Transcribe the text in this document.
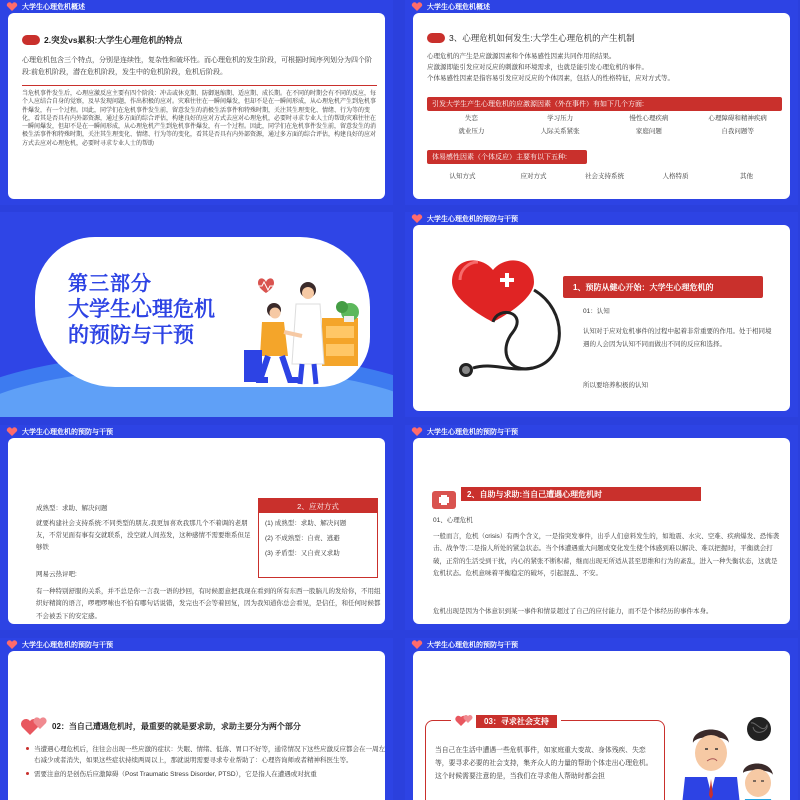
大学生心理危机概述
2.突发vs累积:大学生心理危机的特点
心理危机包含三个特点，分别是连续性，复杂性和破坏性。而心理危机的发生阶段，可根据时间序列划分为四个阶段:前危机阶段，潜在危机阶段，发生中的危机阶段，危机后阶段。
当危机事件发生后，心理应激反应主要有四个阶段：冲击或休克期、防御退缩期、适应期、成长期。在不同的时期会有不同的反应，每个人应结合自身的觉察，及早发现问题，作出积极的应对。灾难往往在一瞬间爆发，但却不是在一瞬间形成，从心理危机产生到危机事件爆发，有一个过程。因此，同学们在危机事件发生前，留意发生的消极生活事件和特殊时期，关注其生理变化、情绪、行为等的变化，看其是否具有内外部资源，通过多方面的综合评估，构建良好的应对方式去应对心理危机，必要时寻求专业人士的帮助灾难往往在一瞬间爆发，但却不是在一瞬间形成，从心理危机产生到危机事件爆发，有一个过程。因此，同学们在危机事件发生前，留意发生的消极生活事件和特殊时期，关注其生理变化、情绪、行为等的变化，看其是否具有内外部资源，通过多方面的综合评估，构建良好的应对方式去应对心理危机，必要时寻求专业人士的帮助
大学生心理危机概述
3、心理危机如何发生:大学生心理危机的产生机制
心理危机的产生是应激源因素和个体易感性因素共同作用的结果。
应激源即能引发应对反应的刺激和环境需求，也就是能引发心理危机的事件。
个体易感性因素是指容易引发应对反应的个体因素，包括人的性格特征，应对方式等。
引发大学生产生心理危机的应激源因素（外在事件）有如下几个方面:
失恋	学习压力	慢性心理疾病	心理障碍和精神疾病
就业压力	人际关系紧张	家庭问题	自我问题等
体易感性因素（个体反应）主要有以下五种:
认知方式	应对方式	社会支持系统	人格特质	其他
第三部分
大学生心理危机
的预防与干预
大学生心理危机的预防与干预
1、预防从健心开始：大学生心理危机的
01：认知
认知对于应对危机事件的过程中起着非常重要的作用。处于相同境遇的人会因为认知不同而做出不同的反应和选择。
所以要培养积极的认知
大学生心理危机的预防与干预
成熟型：求助、解决问题
就要构建社会支持系统:不同类型的朋友,我更加喜欢我那几个不着调的老朋友，不常见面有事有交就联系，没空就人间蒸发，这种感情不需要维系但足够铁
网易云热评吧:
有一种特别舒服的关系，并不总是你一言我一语的抄回，有时候愿意把我现在看到的所有东西一股脑儿的发给你，不用组织好精简的语言，啰哩啰嗦也不怕有哪句话说错，发完也不会等着回复，因为我知道你总会看见，是信任，和任何时候都不会被丢下的安定感。
2、应对方式
(1) 成熟型：求助、解决问题
(2) 不成熟型：自责、逃避
(3) 矛盾型：又自责又求助
大学生心理危机的预防与干预
2、自助与求助:当自己遭遇心理危机时
01、心理危机
一般而言，危机（crisis）有两个含义，一是指突发事件，出乎人们意料发生的，如地震、水灾、空难、疾病爆发、恐怖袭击、战争等;二是指人所处的紧急状态。当个体遭遇重大问题或变化发生使个体感到难以解决、难以把握时，平衡就会打破，正常的生活受到干扰，内心的紧张不断积蓄，继而出现无所适从甚至思维和行为的紊乱，进入一种失衡状态，这就是危机状态。危机意味着平衡稳定的破坏，引起混乱、不安。
危机出现是因为个体意识到某一事件和情景超过了自己的应付能力，而不是个体经历的事件本身。
大学生心理危机的预防与干预
02：当自己遭遇危机时，最重要的就是要求助，求助主要分为两个部分
当遭遇心理危机后，往往会出现一些应激的症状：失眠、情绪、低落、胃口不好等，通常情况下这些应激反应都会在一周左右减少或者消失，如果这些症状持续两周以上，那就说明需要寻求专业帮助了：心理咨询师或者精神科医生等。
需要注意的是创伤后应激障碍（Post Traumatic Stress Disorder, PTSD），它是指人在遭遇或对抗重
大学生心理危机的预防与干预
03：寻求社会支持
当自己在生活中遭遇一些危机事件，如家庭重大变故、身体残疾、失恋等，要寻求必要的社会支持，集齐众人的力量的帮助个体走出心理危机。这个时候需要注意的是，当我们在寻求他人帮助时都会担
